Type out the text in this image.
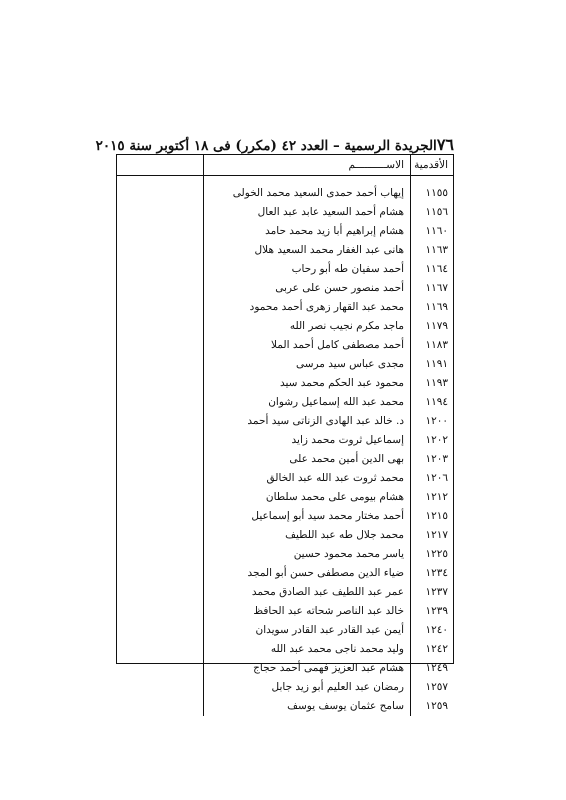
٧٦
الجريدة الرسمية – العدد ٤٢ (مكرر) فى ١٨ أكتوبر سنة ٢٠١٥
الأقدمية	الاســــــــــم	
١١٥٥	إيهاب أحمد حمدى السعيد محمد الخولى	
١١٥٦	هشام أحمد السعيد عابد عبد العال	
١١٦٠	هشام إبراهيم أبا زيد محمد حامد	
١١٦٣	هانى عبد الغفار محمد السعيد هلال	
١١٦٤	أحمد سفيان طه أبو رحاب	
١١٦٧	أحمد منصور حسن على عربى	
١١٦٩	محمد عبد القهار زهرى أحمد محمود	
١١٧٩	ماجد مكرم نجيب نصر الله	
١١٨٣	أحمد مصطفى كامل أحمد الملا	
١١٩١	مجدى عباس سيد مرسى	
١١٩٣	محمود عبد الحكم محمد سيد	
١١٩٤	محمد عبد الله إسماعيل رشوان	
١٢٠٠	د. خالد عبد الهادى الزناتى سيد أحمد	
١٢٠٢	إسماعيل ثروت محمد زايد	
١٢٠٣	بهى الدين أمين محمد على	
١٢٠٦	محمد ثروت عبد الله عبد الخالق	
١٢١٢	هشام بيومى على محمد سلطان	
١٢١٥	أحمد مختار محمد سيد أبو إسماعيل	
١٢١٧	محمد جلال طه عبد اللطيف	
١٢٢٥	ياسر محمد محمود حسين	
١٢٣٤	ضياء الدين مصطفى حسن أبو المجد	
١٢٣٧	عمر عبد اللطيف عبد الصادق محمد	
١٢٣٩	خالد عبد الناصر شحاته عبد الحافظ	
١٢٤٠	أيمن عبد القادر عبد القادر سويدان	
١٢٤٢	وليد محمد ناجى محمد عبد الله	
١٢٤٩	هشام عبد العزيز فهمى أحمد حجاج	
١٢٥٧	رمضان عبد العليم أبو زيد جابل	
١٢٥٩	سامح عثمان يوسف يوسف	
